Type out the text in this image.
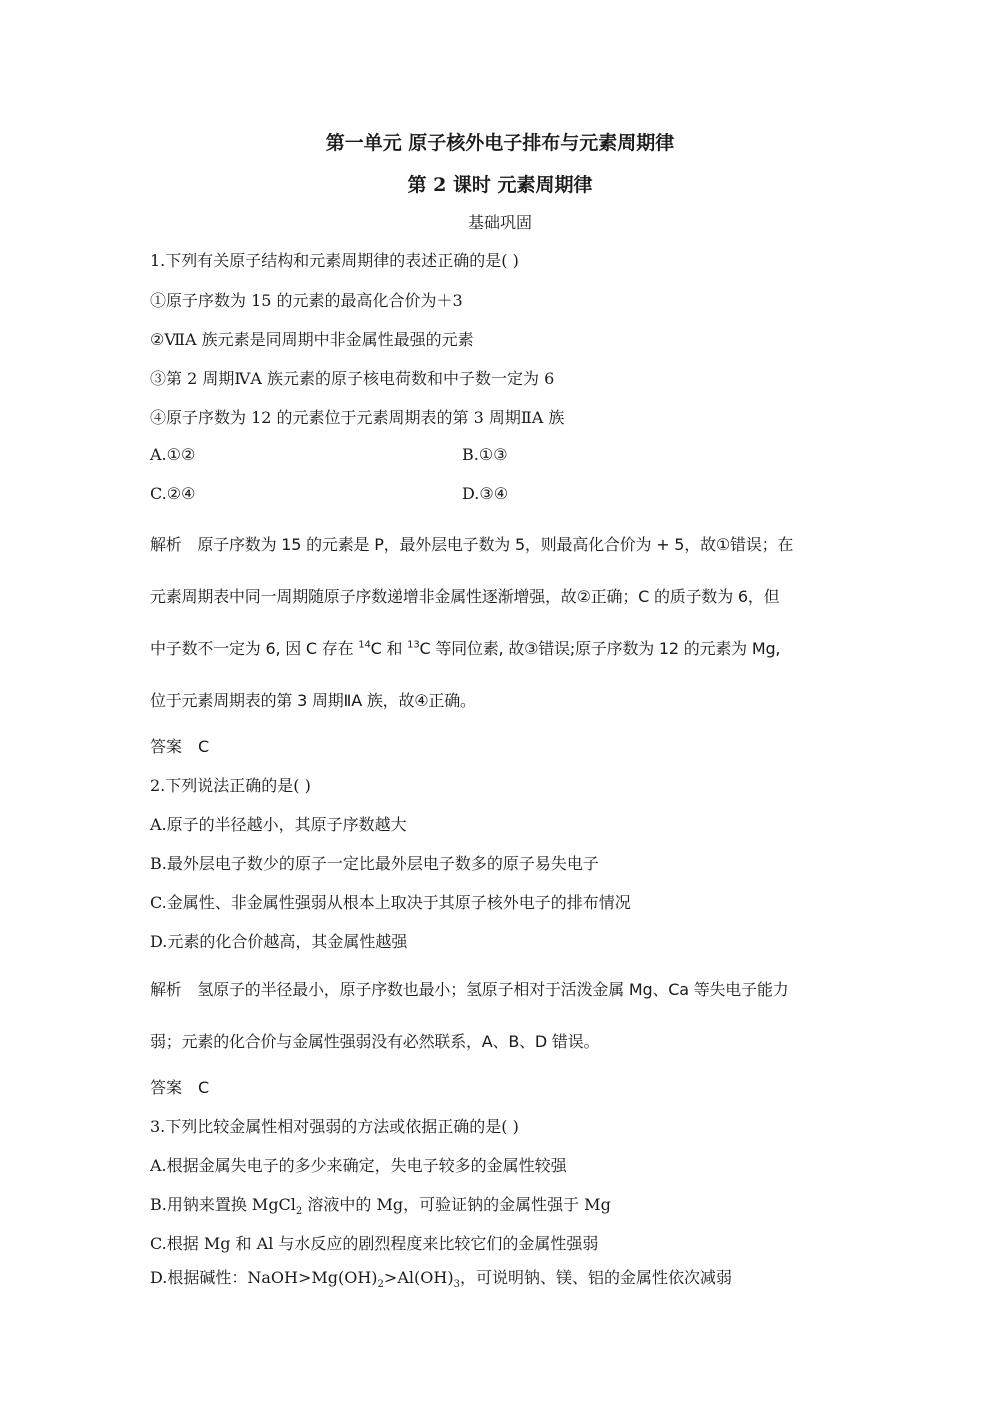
第一单元 原子核外电子排布与元素周期律
第 2 课时 元素周期律
基础巩固
1.下列有关原子结构和元素周期律的表述正确的是( )
①原子序数为 15 的元素的最高化合价为＋3
②ⅦA 族元素是同周期中非金属性最强的元素
③第 2 周期ⅣA 族元素的原子核电荷数和中子数一定为 6
④原子序数为 12 的元素位于元素周期表的第 3 周期ⅡA 族
A.①②	B.①③
C.②④	D.③④
解析　原子序数为 15 的元素是 P，最外层电子数为 5，则最高化合价为 + 5，故①错误；在
元素周期表中同一周期随原子序数递增非金属性逐渐增强，故②正确；C 的质子数为 6，但
中子数不一定为 6, 因 C 存在 $^{14}$C 和 $^{13}$C 等同位素, 故③错误;原子序数为 12 的元素为 Mg,
位于元素周期表的第 3 周期ⅡA 族，故④正确。
答案　C
2.下列说法正确的是( )
A.原子的半径越小，其原子序数越大
B.最外层电子数少的原子一定比最外层电子数多的原子易失电子
C.金属性、非金属性强弱从根本上取决于其原子核外电子的排布情况
D.元素的化合价越高，其金属性越强
解析　氢原子的半径最小，原子序数也最小；氢原子相对于活泼金属 Mg、Ca 等失电子能力
弱；元素的化合价与金属性强弱没有必然联系，A、B、D 错误。
答案　C
3.下列比较金属性相对强弱的方法或依据正确的是( )
A.根据金属失电子的多少来确定，失电子较多的金属性较强
B.用钠来置换 MgCl$_2$ 溶液中的 Mg，可验证钠的金属性强于 Mg
C.根据 Mg 和 Al 与水反应的剧烈程度来比较它们的金属性强弱
D.根据碱性：$NaOH>Mg(OH)_2>Al(OH)_3$，可说明钠、镁、铝的金属性依次减弱
